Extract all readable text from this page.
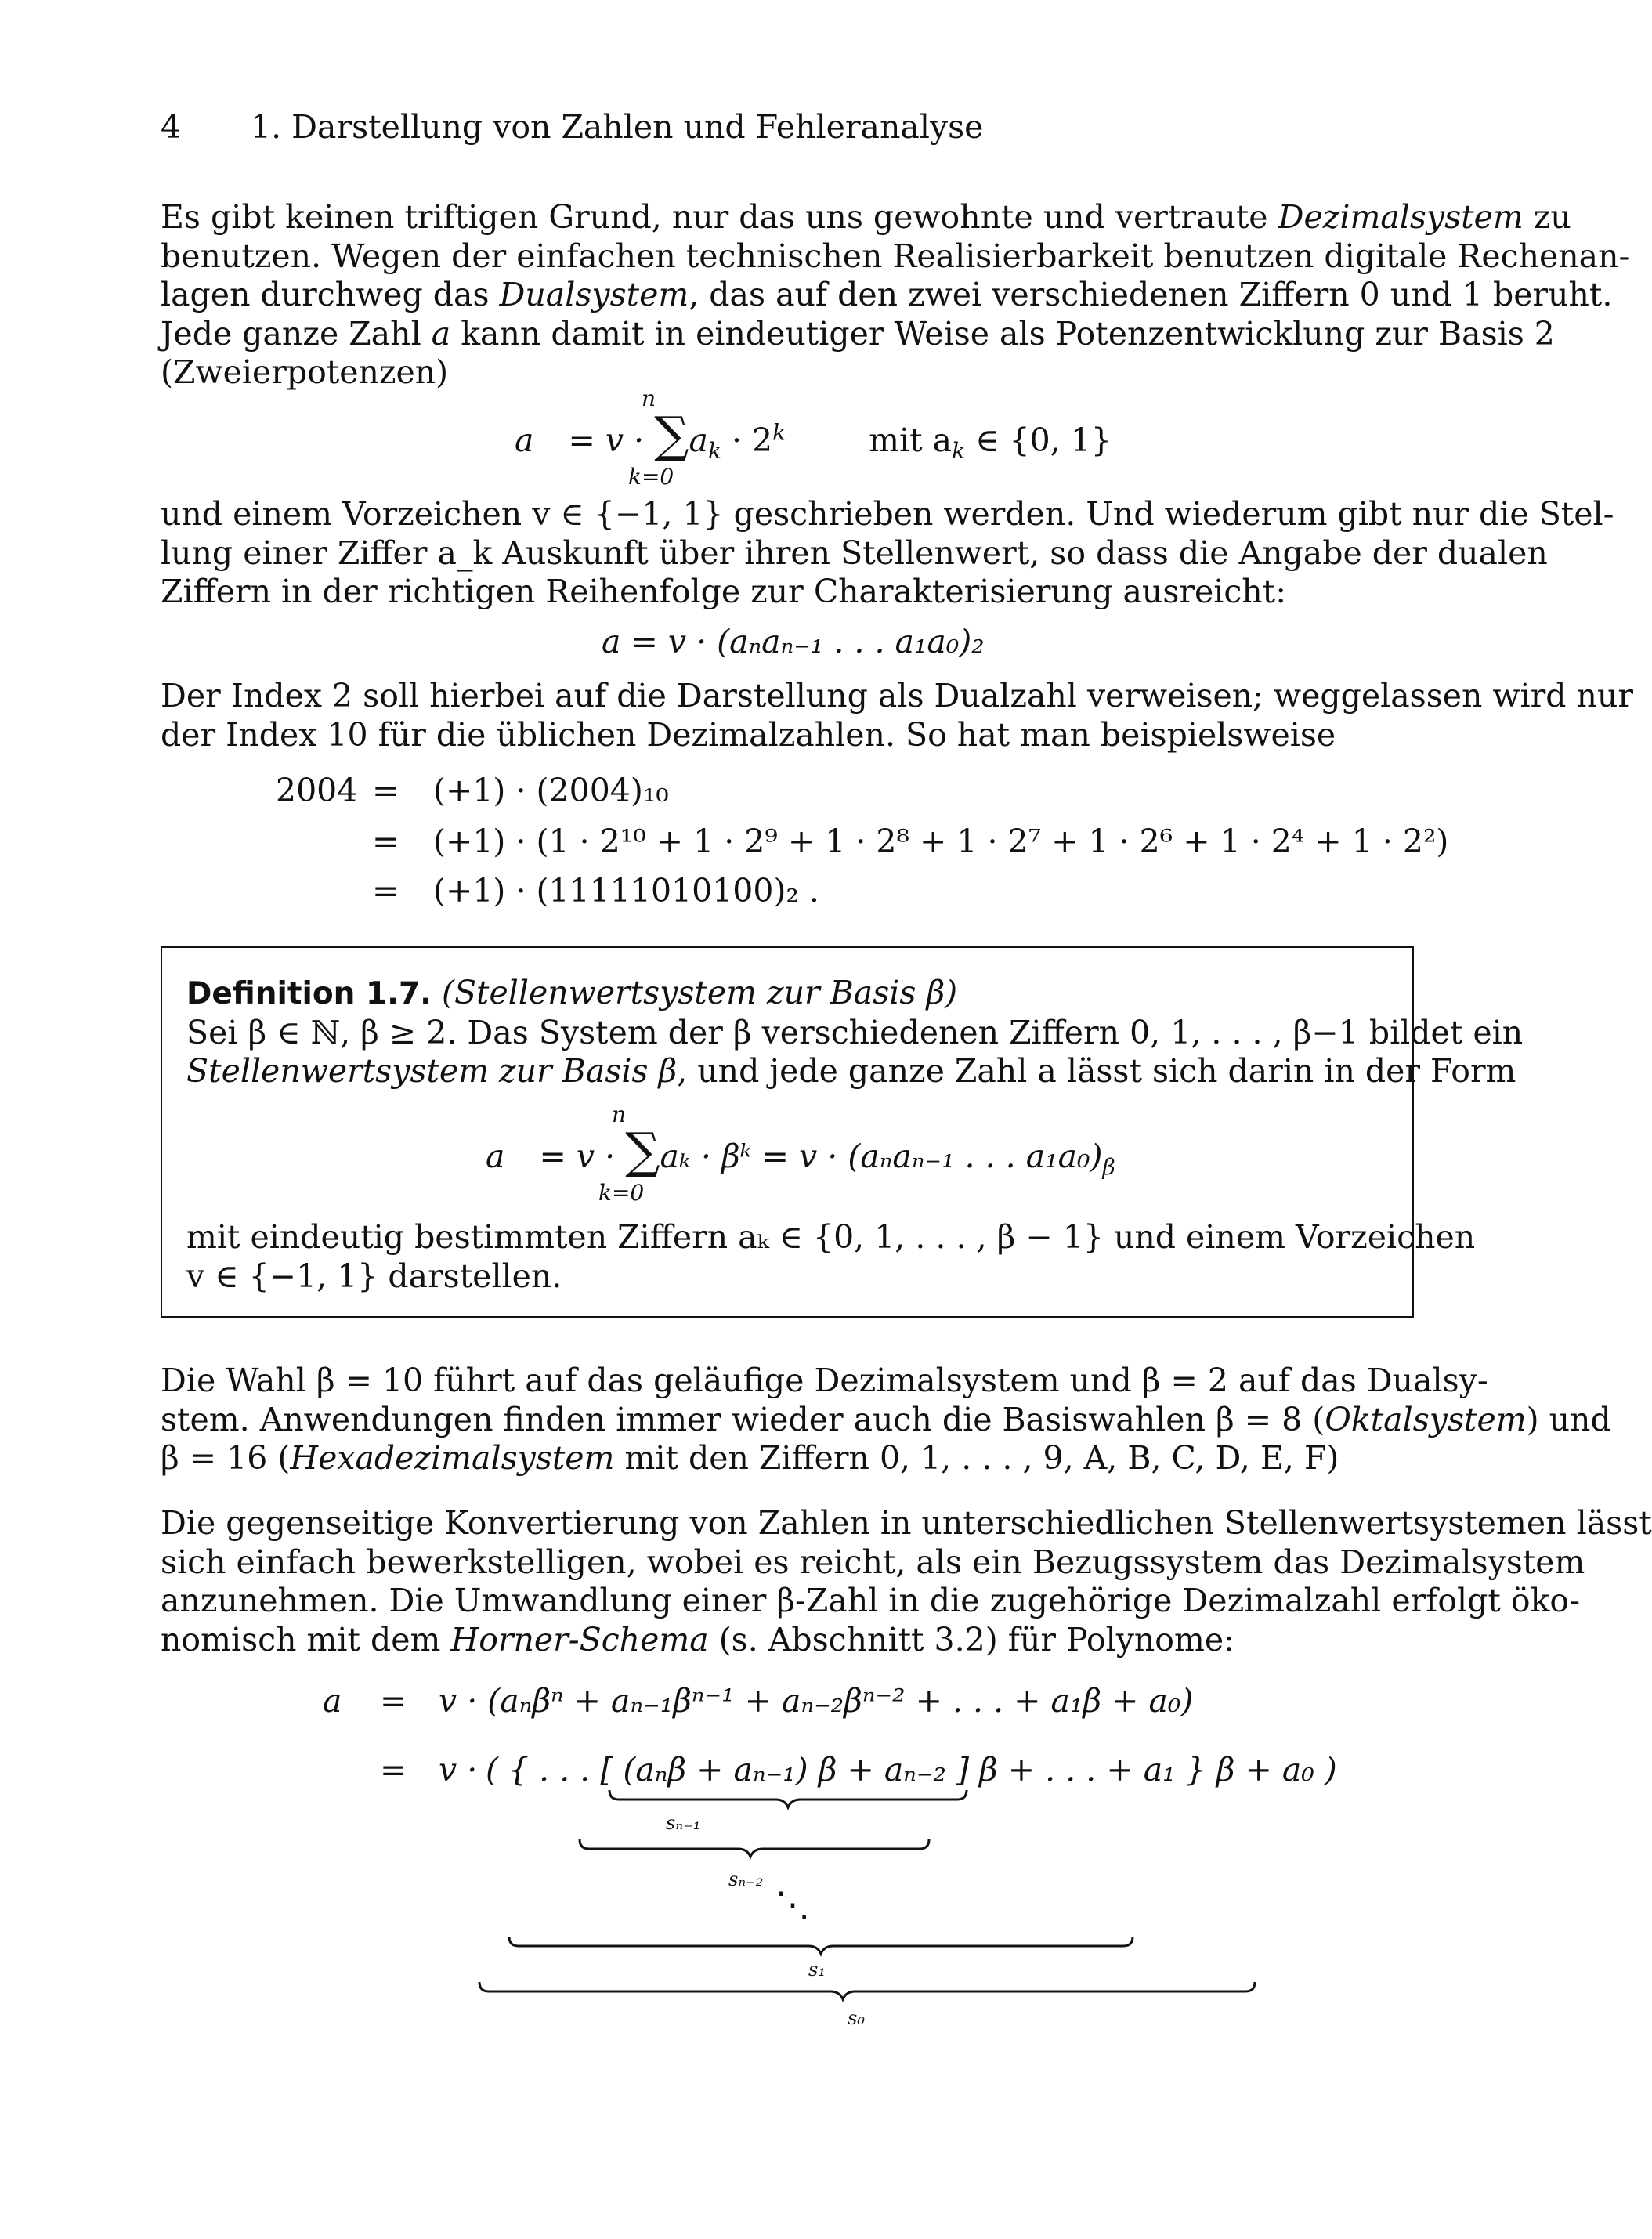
4 1. Darstellung von Zahlen und Fehleranalyse
Es gibt keinen triftigen Grund, nur das uns gewohnte und vertraute Dezimalsystem zu
benutzen. Wegen der einfachen technischen Realisierbarkeit benutzen digitale Rechenan-
lagen durchweg das Dualsystem, das auf den zwei verschiedenen Ziffern 0 und 1 beruht.
Jede ganze Zahl a kann damit in eindeutiger Weise als Potenzentwicklung zur Basis 2
(Zweierpotenzen)
$a = v \cdot \sum a_k \cdot 2^k$	mit $a_k$ ∈ {0, 1}
n
k=0
und einem Vorzeichen v ∈ {−1, 1} geschrieben werden. Und wiederum gibt nur die Stel-
lung einer Ziffer a_k Auskunft über ihren Stellenwert, so dass die Angabe der dualen
Ziffern in der richtigen Reihenfolge zur Charakterisierung ausreicht:
a = v · (aₙaₙ₋₁ . . . a₁a₀)₂
Der Index 2 soll hierbei auf die Darstellung als Dualzahl verweisen; weggelassen wird nur
der Index 10 für die üblichen Dezimalzahlen. So hat man beispielsweise
2004 = (+1) · (2004)₁₀
= (+1) · (1 · 2¹⁰ + 1 · 2⁹ + 1 · 2⁸ + 1 · 2⁷ + 1 · 2⁶ + 1 · 2⁴ + 1 · 2²)
= (+1) · (11111010100)₂ .
Definition 1.7. (Stellenwertsystem zur Basis β)
Sei β ∈ ℕ, β ≥ 2. Das System der β verschiedenen Ziffern 0, 1, . . . , β−1 bildet ein
Stellenwertsystem zur Basis β, und jede ganze Zahl a lässt sich darin in der Form
a = v · ∑aₖ · βᵏ = v · (aₙaₙ₋₁ . . . $a_1a_0)_\beta$
n
k=0
mit eindeutig bestimmten Ziffern aₖ ∈ {0, 1, . . . , β − 1} und einem Vorzeichen
v ∈ {−1, 1} darstellen.
Die Wahl β = 10 führt auf das geläufige Dezimalsystem und β = 2 auf das Dualsy-
stem. Anwendungen finden immer wieder auch die Basiswahlen β = 8 (Oktalsystem) und
β = 16 (Hexadezimalsystem mit den Ziffern 0, 1, . . . , 9, A, B, C, D, E, F)
Die gegenseitige Konvertierung von Zahlen in unterschiedlichen Stellenwertsystemen lässt
sich einfach bewerkstelligen, wobei es reicht, als ein Bezugssystem das Dezimalsystem
anzunehmen. Die Umwandlung einer β-Zahl in die zugehörige Dezimalzahl erfolgt öko-
nomisch mit dem Horner-Schema (s. Abschnitt 3.2) für Polynome:
a = v · (aₙβⁿ + aₙ₋₁βⁿ⁻¹ + aₙ₋₂βⁿ⁻² + . . . + a₁β + a₀)
= v · ( { . . . [ (aₙβ + aₙ₋₁) β + aₙ₋₂ ] β + . . . + a₁ } β + a₀ )
sₙ₋₁
sₙ₋₂
⋱
s₁
s₀
